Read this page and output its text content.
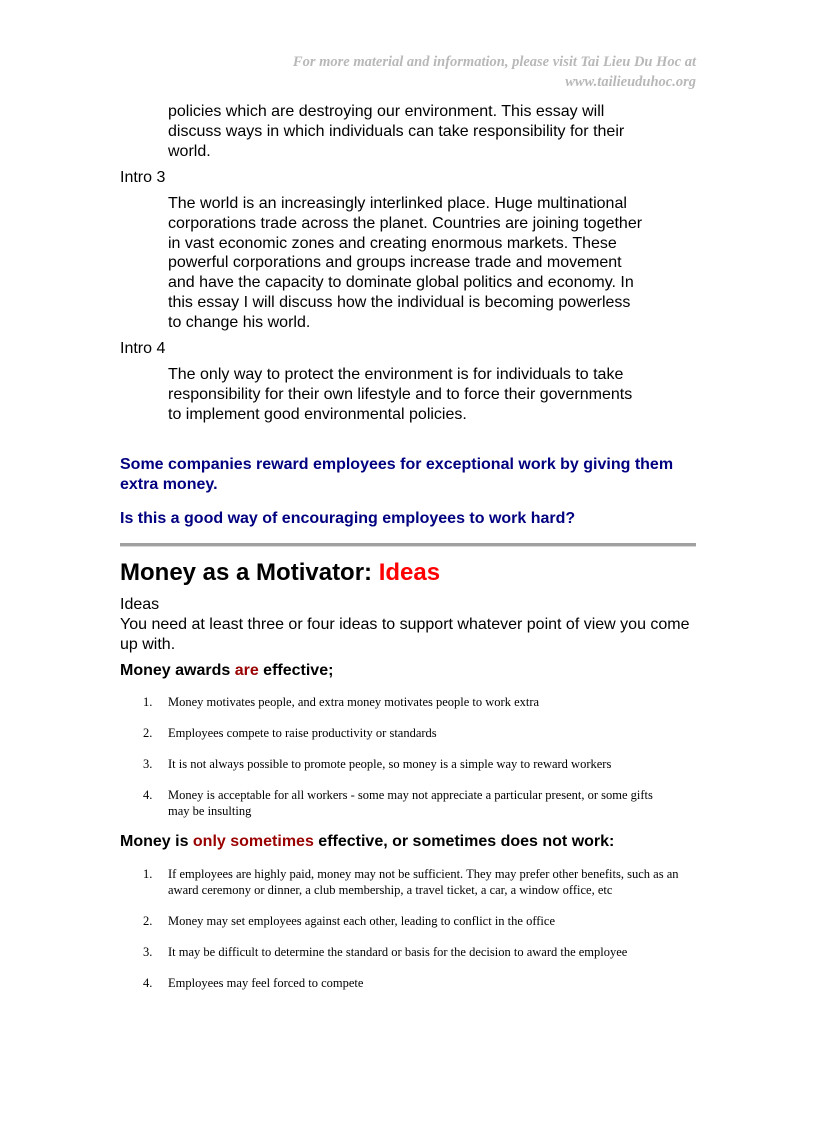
For more material and information, please visit Tai Lieu Du Hoc at
www.tailieuduhoc.org
policies which are destroying our environment. This essay will discuss ways in which individuals can take responsibility for their world.
Intro 3
The world is an increasingly interlinked place. Huge multinational corporations trade across the planet. Countries are joining together in vast economic zones and creating enormous markets. These powerful corporations and groups increase trade and movement and have the capacity to dominate global politics and economy. In this essay I will discuss how the individual is becoming powerless to change his world.
Intro 4
The only way to protect the environment is for individuals to take responsibility for their own lifestyle and to force their governments to implement good environmental policies.
Some companies reward employees for exceptional work by giving them extra money.
Is this a good way of encouraging employees to work hard?
Money as a Motivator: Ideas
Ideas
You need at least three or four ideas to support whatever point of view you come up with.
Money awards are effective;
1. Money motivates people, and extra money motivates people to work extra
2. Employees compete to raise productivity or standards
3. It is not always possible to promote people, so money is a simple way to reward workers
4. Money is acceptable for all workers - some may not appreciate a particular present, or some gifts may be insulting
Money is only sometimes effective, or sometimes does not work:
1. If employees are highly paid, money may not be sufficient. They may prefer other benefits, such as an award ceremony or dinner, a club membership, a travel ticket, a car, a window office, etc
2. Money may set employees against each other, leading to conflict in the office
3. It may be difficult to determine the standard or basis for the decision to award the employee
4. Employees may feel forced to compete
